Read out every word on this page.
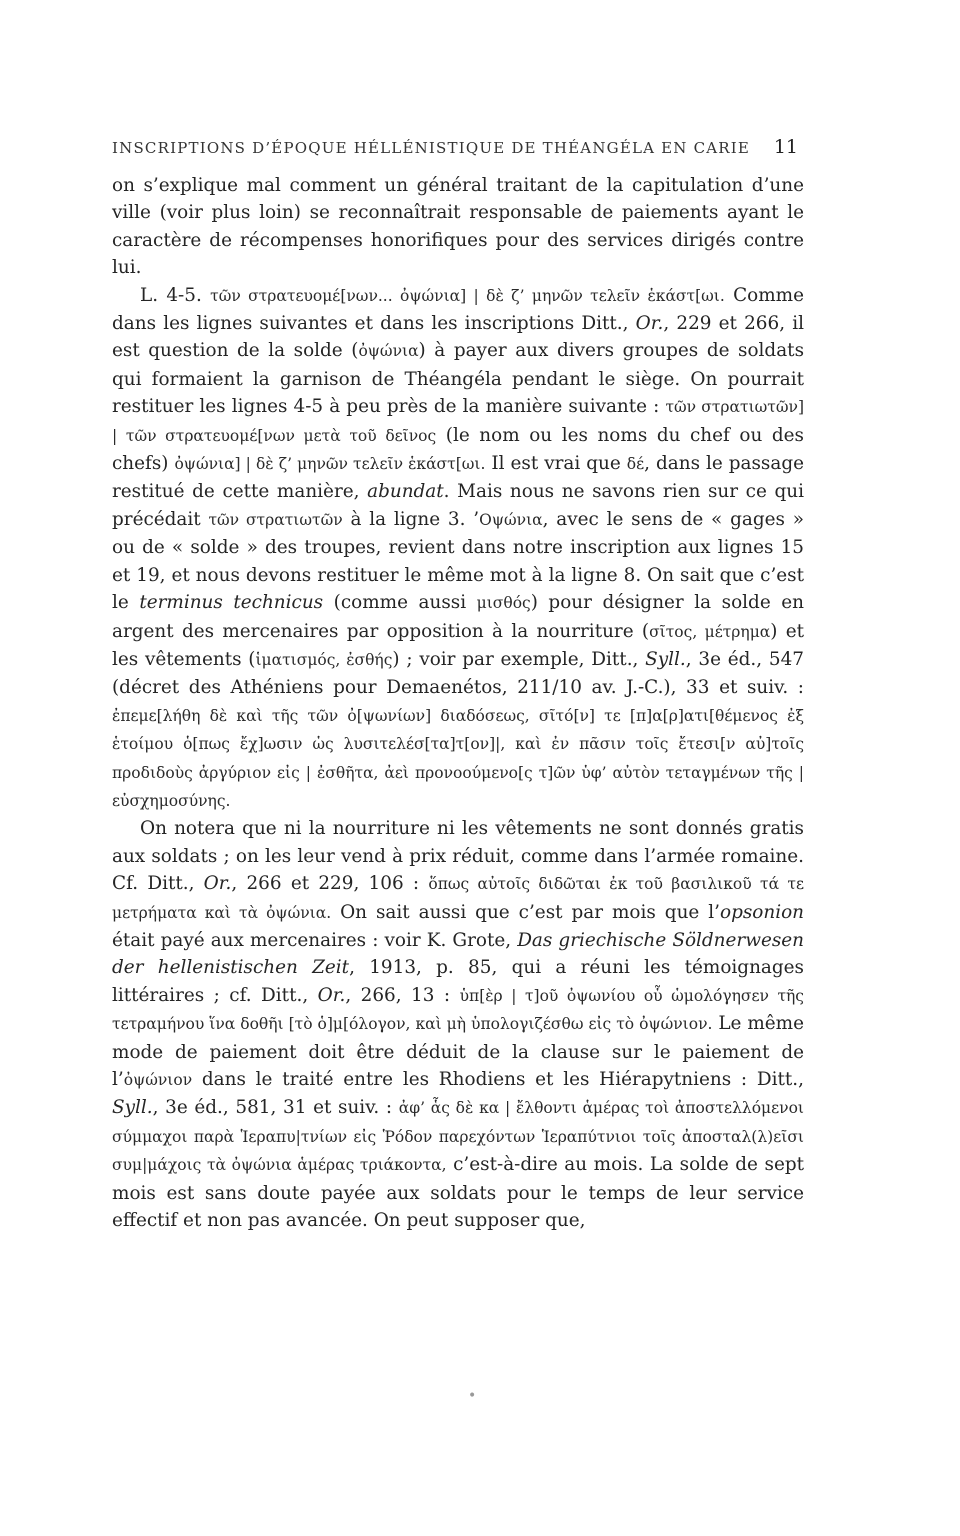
INSCRIPTIONS D’ÉPOQUE HÉLLÉNISTIQUE DE THÉANGÉLA EN CARIE 11

on s’explique mal comment un général traitant de la capitulation d’une ville (voir plus loin) se reconnaîtrait responsable de paiements ayant le caractère de récompenses honorifiques pour des services dirigés contre lui.

L. 4-5. τῶν στρατευομέ[νων... ὀψώνια] | δὲ ζ’ μηνῶν τελεῖν ἑκάστ[ωι. Comme dans les lignes suivantes et dans les inscriptions Ditt., Or., 229 et 266, il est question de la solde (ὀψώνια) à payer aux divers groupes de soldats qui formaient la garnison de Théangéla pendant le siège. On pourrait restituer les lignes 4-5 à peu près de la manière suivante : τῶν στρατιωτῶν] | τῶν στρατευομέ[νων μετὰ τοῦ δεῖνος (le nom ou les noms du chef ou des chefs) ὀψώνια] | δὲ ζ’ μηνῶν τελεῖν ἑκάστ[ωι. Il est vrai que δέ, dans le passage restitué de cette manière, abundat. Mais nous ne savons rien sur ce qui précédait τῶν στρατιωτῶν à la ligne 3. ’Οψώνια, avec le sens de « gages » ou de « solde » des troupes, revient dans notre inscription aux lignes 15 et 19, et nous devons restituer le même mot à la ligne 8. On sait que c’est le terminus technicus (comme aussi μισθός) pour désigner la solde en argent des mercenaires par opposition à la nourriture (σῖτος, μέτρημα) et les vêtements (ἱματισμός, ἐσθής) ; voir par exemple, Ditt., Syll., 3e éd., 547 (décret des Athéniens pour Demaenétos, 211/10 av. J.-C.), 33 et suiv. : ἐπεμε[λήθη δὲ καὶ τῆς τῶν ὀ[ψωνίων] διαδόσεως, σῖτό[ν] τε [π]α[ρ]ατι[θέμενος ἐξ ἑτοίμου ὁ[πως ἔχ]ωσιν ὡς λυσιτελέσ[τα]τ[ον]|, καὶ ἐν πᾶσιν τοῖς ἔτεσι[ν αὐ]τοῖς προδιδοὺς ἀργύριον εἰς | ἐσθῆτα, ἀεὶ προνοούμενο[ς τ]ῶν ὑφ’ αὐτὸν τεταγμένων τῆς | εὐσχημοσύνης.

On notera que ni la nourriture ni les vêtements ne sont donnés gratis aux soldats ; on les leur vend à prix réduit, comme dans l’armée romaine. Cf. Ditt., Or., 266 et 229, 106 : ὅπως αὐτοῖς διδῶται ἐκ τοῦ βασιλικοῦ τά τε μετρήματα καὶ τὰ ὀψώνια. On sait aussi que c’est par mois que l’opsonion était payé aux mercenaires : voir K. Grote, Das griechische Söldnerwesen der hellenistischen Zeit, 1913, p. 85, qui a réuni les témoignages littéraires ; cf. Ditt., Or., 266, 13 : ὑπ[ὲρ | τ]οῦ ὀψωνίου οὗ ὡμολόγησεν τῆς τετραμήνου ἵνα δοθῆι [τὸ ὁ]μ[όλογον, καὶ μὴ ὑπολογιζέσθω εἰς τὸ ὀψώνιον. Le même mode de paiement doit être déduit de la clause sur le paiement de l’ὀψώνιον dans le traité entre les Rhodiens et les Hiérapytniens : Ditt., Syll., 3e éd., 581, 31 et suiv. : ἀφ’ ἇς δὲ κα | ἔλθοντι ἁμέρας τοὶ ἀποστελλόμενοι σύμμαχοι παρὰ Ἱεραπυ|τνίων εἰς Ῥόδον παρεχόντων Ἱεραπύτνιοι τοῖς ἀποσταλ(λ)εῖσι συμ|μάχοις τὰ ὀψώνια ἁμέρας τριάκοντα, c’est-à-dire au mois. La solde de sept mois est sans doute payée aux soldats pour le temps de leur service effectif et non pas avancée. On peut supposer que,

•
